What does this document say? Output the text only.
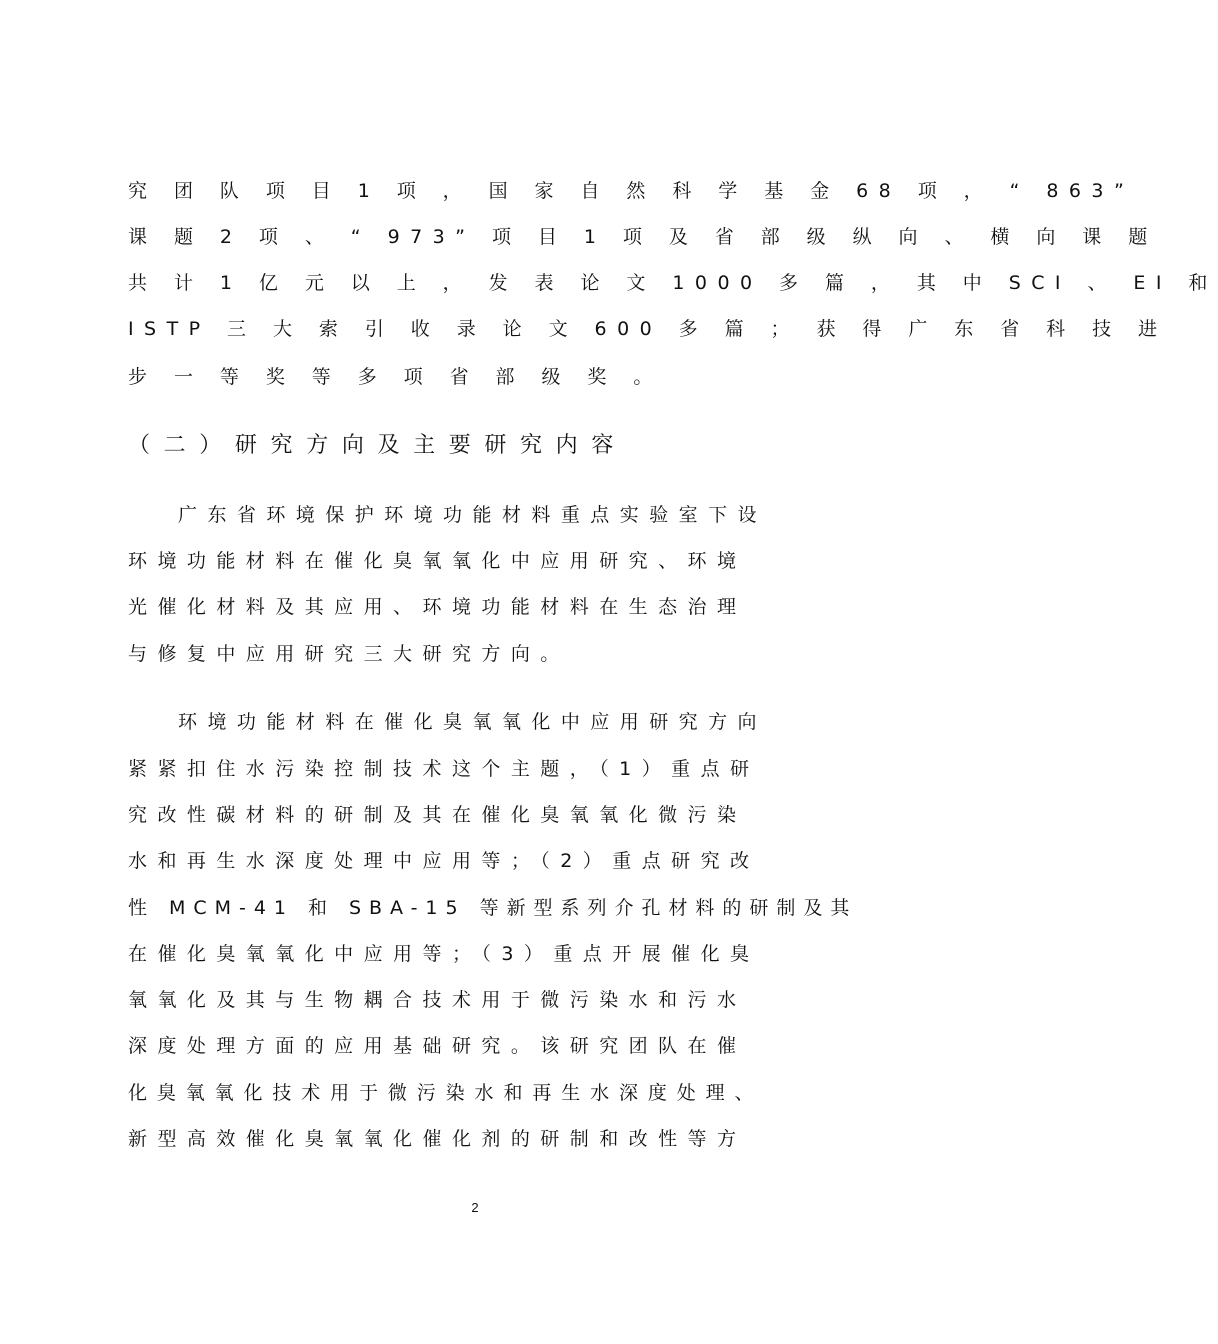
究 团 队 项 目 1 项 ， 国 家 自 然 科 学 基 金 68 项 ， “ 863”
课 题 2 项 、 “ 973” 项 目 1 项 及 省 部 级 纵 向 、 横 向 课 题
共 计 1 亿 元 以 上 ， 发 表 论 文 1000 多 篇 ， 其 中 SCI 、 EI 和
ISTP 三 大 索 引 收 录 论 文 600 多 篇 ； 获 得 广 东 省 科 技 进
步 一 等 奖 等 多 项 省 部 级 奖 。
（二）研究方向及主要研究内容
广东省环境保护环境功能材料重点实验室下设
环境功能材料在催化臭氧氧化中应用研究、环境
光催化材料及其应用、环境功能材料在生态治理
与修复中应用研究三大研究方向。
环境功能材料在催化臭氧氧化中应用研究方向
紧紧扣住水污染控制技术这个主题，（1）重点研
究改性碳材料的研制及其在催化臭氧氧化微污染
水和再生水深度处理中应用等；（2）重点研究改
性 MCM-41 和 SBA-15 等新型系列介孔材料的研制及其
在催化臭氧氧化中应用等；（3）重点开展催化臭
氧氧化及其与生物耦合技术用于微污染水和污水
深度处理方面的应用基础研究。该研究团队在催
化臭氧氧化技术用于微污染水和再生水深度处理、
新型高效催化臭氧氧化催化剂的研制和改性等方
2
